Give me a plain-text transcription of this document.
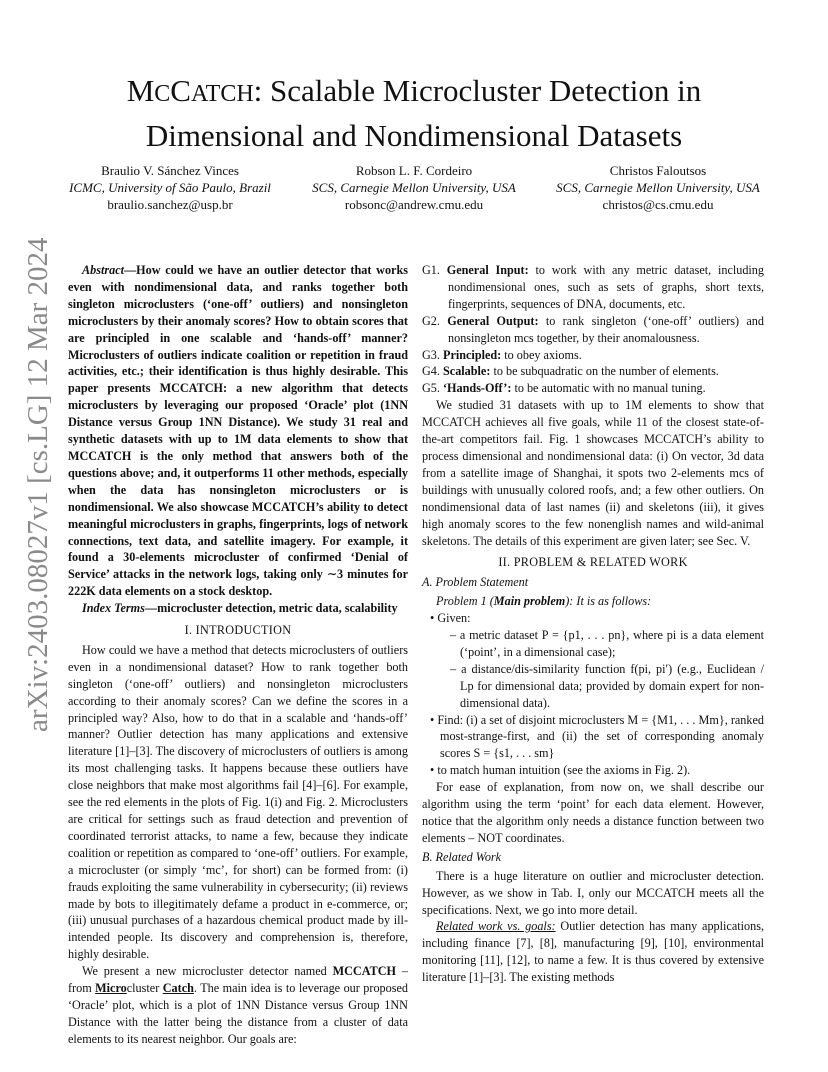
MCCATCH: Scalable Microcluster Detection in
Dimensional and Nondimensional Datasets
Braulio V. Sánchez Vinces
ICMC, University of São Paulo, Brazil
braulio.sanchez@usp.br
Robson L. F. Cordeiro
SCS, Carnegie Mellon University, USA
robsonc@andrew.cmu.edu
Christos Faloutsos
SCS, Carnegie Mellon University, USA
christos@cs.cmu.edu
arXiv:2403.08027v1 [cs.LG] 12 Mar 2024	Abstract—How could we have an outlier detector that works even with nondimensional data, and ranks together both singleton microclusters (‘one-off’ outliers) and nonsingleton microclusters by their anomaly scores? How to obtain scores that are principled in one scalable and ‘hands-off’ manner? Microclusters of outliers indicate coalition or repetition in fraud activities, etc.; their identification is thus highly desirable. This paper presents MCCATCH: a new algorithm that detects microclusters by leveraging our proposed ‘Oracle’ plot (1NN Distance versus Group 1NN Distance). We study 31 real and synthetic datasets with up to 1M data elements to show that MCCATCH is the only method that answers both of the questions above; and, it outperforms 11 other methods, especially when the data has nonsingleton microclusters or is nondimensional. We also showcase MCCATCH’s ability to detect meaningful microclusters in graphs, fingerprints, logs of network connections, text data, and satellite imagery. For example, it found a 30-elements microcluster of confirmed ‘Denial of Service’ attacks in the network logs, taking only ∼3 minutes for 222K data elements on a stock desktop.

Index Terms—microcluster detection, metric data, scalability

I. INTRODUCTION

How could we have a method that detects microclusters of outliers even in a nondimensional dataset? How to rank together both singleton (‘one-off’ outliers) and nonsingleton microclusters according to their anomaly scores? Can we define the scores in a principled way? Also, how to do that in a scalable and ‘hands-off’ manner? Outlier detection has many applications and extensive literature [1]–[3]. The discovery of microclusters of outliers is among its most challenging tasks. It happens because these outliers have close neighbors that make most algorithms fail [4]–[6]. For example, see the red elements in the plots of Fig. 1(i) and Fig. 2. Microclusters are critical for settings such as fraud detection and prevention of coordinated terrorist attacks, to name a few, because they indicate coalition or repetition as compared to ‘one-off’ outliers. For example, a microcluster (or simply ‘mc’, for short) can be formed from: (i) frauds exploiting the same vulnerability in cybersecurity; (ii) reviews made by bots to illegitimately defame a product in e-commerce, or; (iii) unusual purchases of a hazardous chemical product made by ill-intended people. Its discovery and comprehension is, therefore, highly desirable.

We present a new microcluster detector named MCCATCH – from Microcluster Catch. The main idea is to leverage our proposed ‘Oracle’ plot, which is a plot of 1NN Distance versus Group 1NN Distance with the latter being the distance from a cluster of data elements to its nearest neighbor. Our goals are:

G1. General Input: to work with any metric dataset, including nondimensional ones, such as sets of graphs, short texts, fingerprints, sequences of DNA, documents, etc.

G2. General Output: to rank singleton (‘one-off’ outliers) and nonsingleton mcs together, by their anomalousness.

G3. Principled: to obey axioms.

G4. Scalable: to be subquadratic on the number of elements.

G5. ‘Hands-Off’: to be automatic with no manual tuning.

We studied 31 datasets with up to 1M elements to show that MCCATCH achieves all five goals, while 11 of the closest state-of-the-art competitors fail. Fig. 1 showcases MCCATCH’s ability to process dimensional and nondimensional data: (i) On vector, 3d data from a satellite image of Shanghai, it spots two 2-elements mcs of buildings with unusually colored roofs, and; a few other outliers. On nondimensional data of last names (ii) and skeletons (iii), it gives high anomaly scores to the few nonenglish names and wild-animal skeletons. The details of this experiment are given later; see Sec. V.

II. PROBLEM & RELATED WORK
A. Problem Statement

Problem 1 (Main problem): It is as follows:

• Given:

– a metric dataset P = {p1, . . . pn}, where pi is a data element (‘point’, in a dimensional case);

– a distance/dis-similarity function f(pi, pi′) (e.g., Euclidean / Lp for dimensional data; provided by domain expert for non-dimensional data).

• Find: (i) a set of disjoint microclusters M = {M1, . . . Mm}, ranked most-strange-first, and (ii) the set of corresponding anomaly scores S = {s1, . . . sm}

• to match human intuition (see the axioms in Fig. 2).

For ease of explanation, from now on, we shall describe our algorithm using the term ‘point’ for each data element. However, notice that the algorithm only needs a distance function between two elements – NOT coordinates.

B. Related Work

There is a huge literature on outlier and microcluster detection. However, as we show in Tab. I, only our MCCATCH meets all the specifications. Next, we go into more detail.

Related work vs. goals: Outlier detection has many applications, including finance [7], [8], manufacturing [9], [10], environmental monitoring [11], [12], to name a few. It is thus covered by extensive literature [1]–[3]. The existing methods
